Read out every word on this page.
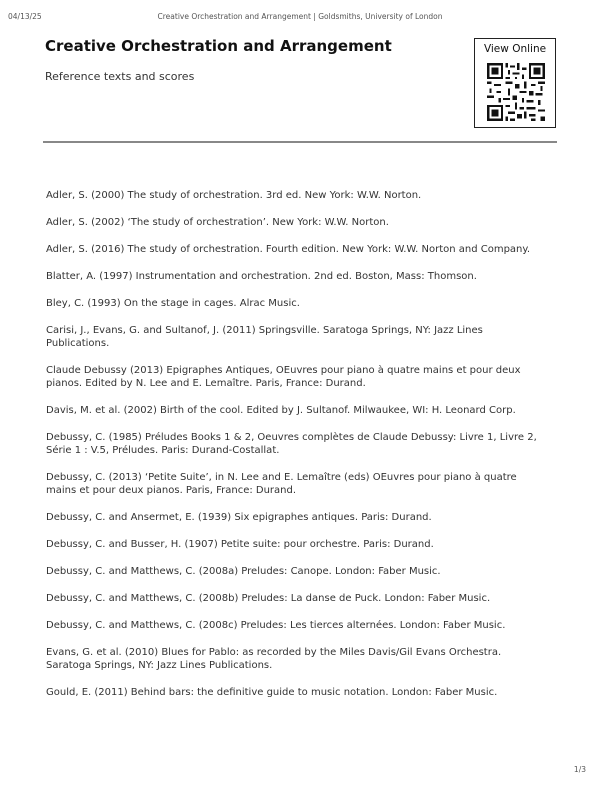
04/13/25	Creative Orchestration and Arrangement | Goldsmiths, University of London
Creative Orchestration and Arrangement
Reference texts and scores
View Online
Adler, S. (2000) The study of orchestration. 3rd ed. New York: W.W. Norton.
Adler, S. (2002) ‘The study of orchestration’. New York: W.W. Norton.
Adler, S. (2016) The study of orchestration. Fourth edition. New York: W.W. Norton and Company.
Blatter, A. (1997) Instrumentation and orchestration. 2nd ed. Boston, Mass: Thomson.
Bley, C. (1993) On the stage in cages. Alrac Music.
Carisi, J., Evans, G. and Sultanof, J. (2011) Springsville. Saratoga Springs, NY: Jazz Lines Publications.
Claude Debussy (2013) Epigraphes Antiques, OEuvres pour piano à quatre mains et pour deux pianos. Edited by N. Lee and E. Lemaître. Paris, France: Durand.
Davis, M. et al. (2002) Birth of the cool. Edited by J. Sultanof. Milwaukee, WI: H. Leonard Corp.
Debussy, C. (1985) Préludes Books 1 & 2, Oeuvres complètes de Claude Debussy: Livre 1, Livre 2, Série 1 : V.5, Préludes. Paris: Durand-Costallat.
Debussy, C. (2013) ‘Petite Suite’, in N. Lee and E. Lemaître (eds) OEuvres pour piano à quatre mains et pour deux pianos. Paris, France: Durand.
Debussy, C. and Ansermet, E. (1939) Six epigraphes antiques. Paris: Durand.
Debussy, C. and Busser, H. (1907) Petite suite: pour orchestre. Paris: Durand.
Debussy, C. and Matthews, C. (2008a) Preludes: Canope. London: Faber Music.
Debussy, C. and Matthews, C. (2008b) Preludes: La danse de Puck. London: Faber Music.
Debussy, C. and Matthews, C. (2008c) Preludes: Les tierces alternées. London: Faber Music.
Evans, G. et al. (2010) Blues for Pablo: as recorded by the Miles Davis/Gil Evans Orchestra. Saratoga Springs, NY: Jazz Lines Publications.
Gould, E. (2011) Behind bars: the definitive guide to music notation. London: Faber Music.
1/3
